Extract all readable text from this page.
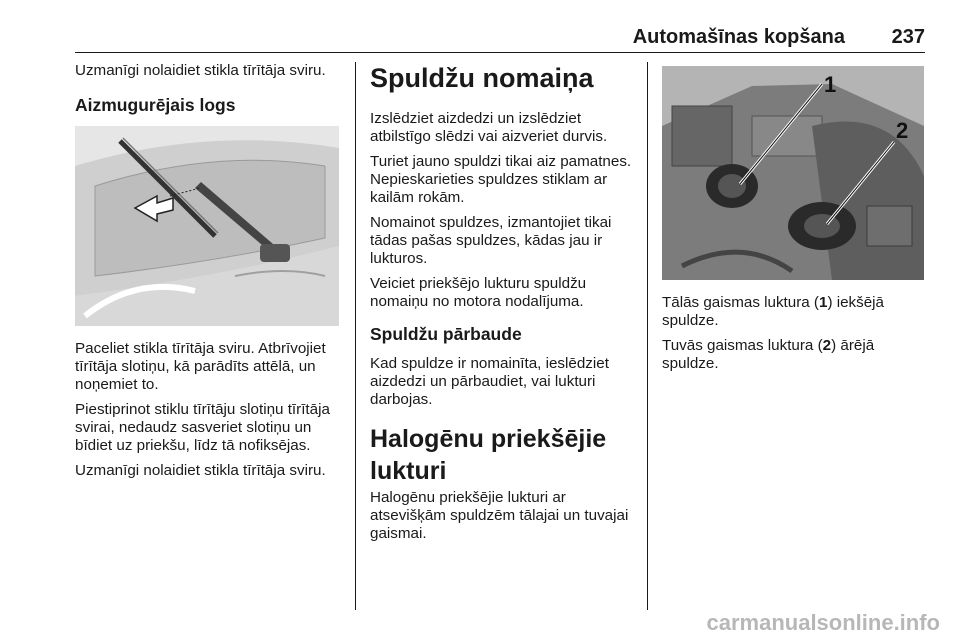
Automašīnas kopšana 237

Uzmanīgi nolaidiet stikla tīrītāja sviru.

Aizmugurējais logs

Paceliet stikla tīrītāja sviru. Atbrīvojiet tīrītāja slotiņu, kā parādīts attēlā, un noņemiet to.

Piestiprinot stiklu tīrītāju slotiņu tīrītāja svirai, nedaudz sasveriet slotiņu un bīdiet uz priekšu, līdz tā nofiksējas.

Uzmanīgi nolaidiet stikla tīrītāja sviru.

Spuldžu nomaiņa

Izslēdziet aizdedzi un izslēdziet atbilstīgo slēdzi vai aizveriet durvis.

Turiet jauno spuldzi tikai aiz pamatnes. Nepieskarieties spuldzes stiklam ar kailām rokām.

Nomainot spuldzes, izmantojiet tikai tādas pašas spuldzes, kādas jau ir lukturos.

Veiciet priekšējo lukturu spuldžu nomaiņu no motora nodalījuma.

Spuldžu pārbaude

Kad spuldze ir nomainīta, ieslēdziet aizdedzi un pārbaudiet, vai lukturi darbojas.

Halogēnu priekšējie lukturi

Halogēnu priekšējie lukturi ar atsevišķām spuldzēm tālajai un tuvajai gaismai.

1
2

Tālās gaismas luktura (1) iekšējā spuldze.

Tuvās gaismas luktura (2) ārējā spuldze.

carmanualsonline.info
